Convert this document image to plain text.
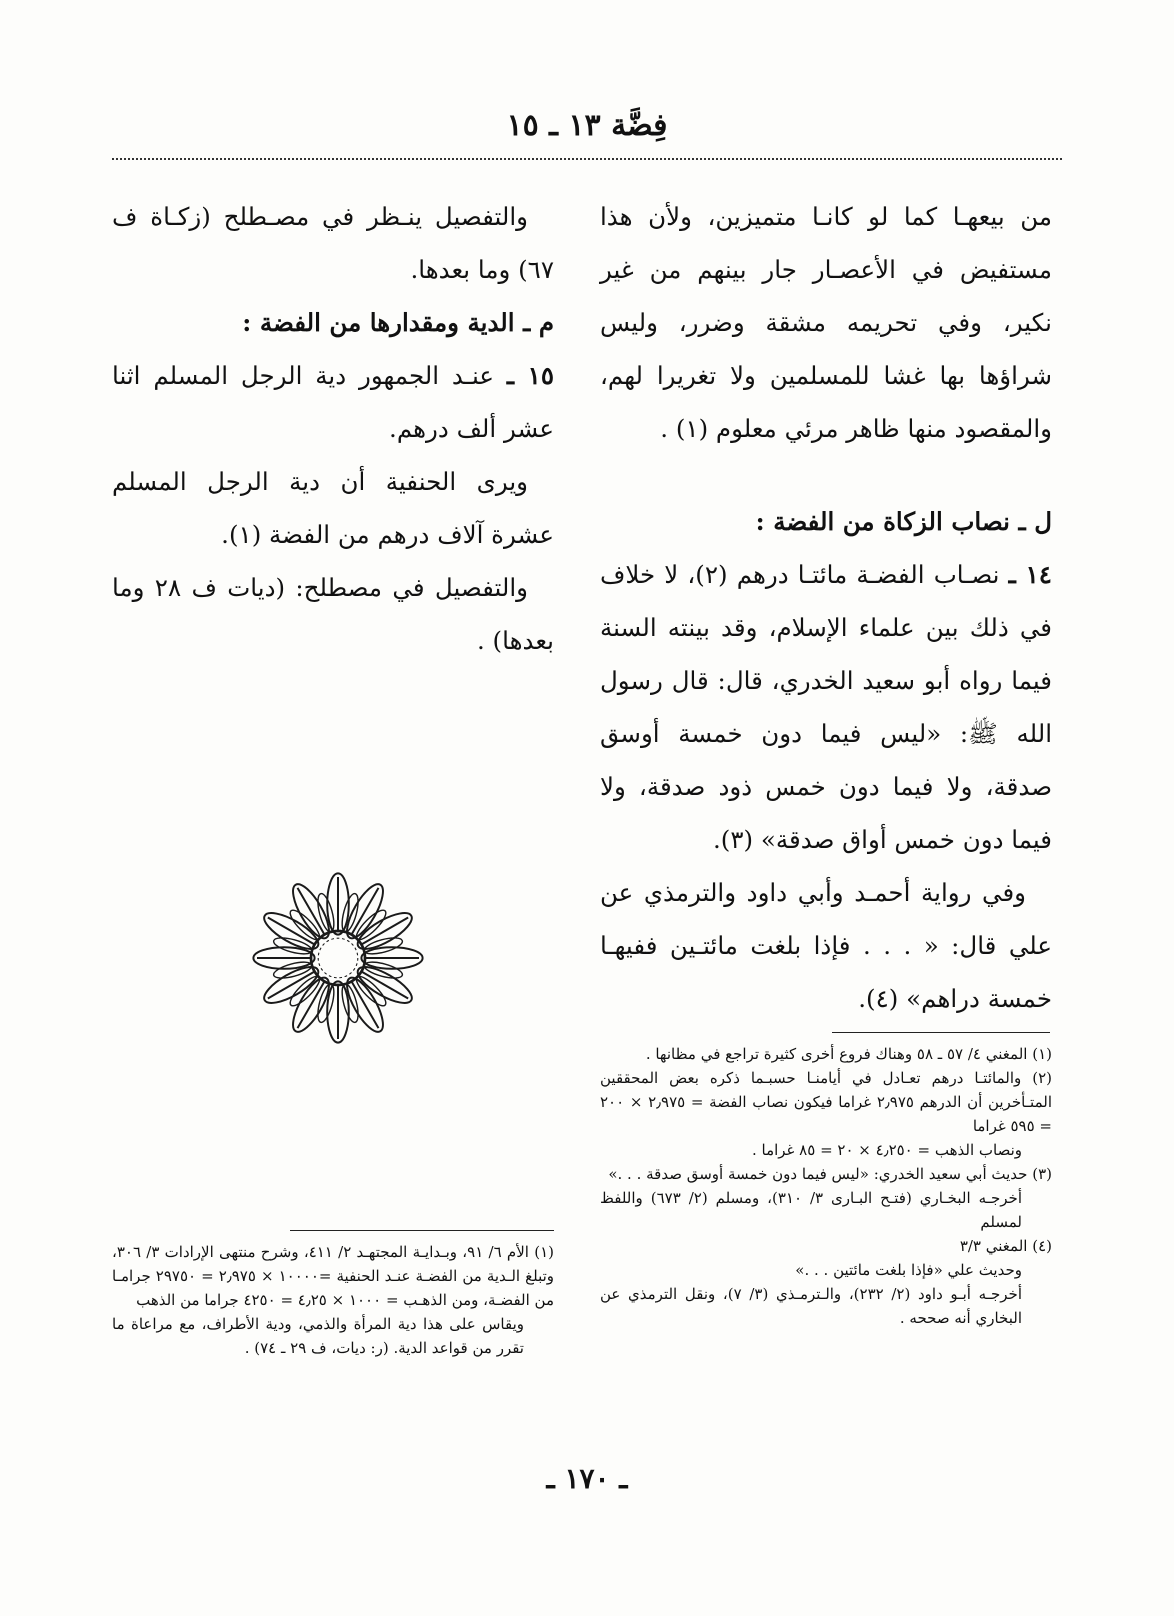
فِضَّة ١٣ ـ ١٥

من بيعهـا كما لو كانـا متميزين، ولأن هذا مستفيض في الأعصـار جار بينهم من غير نكير، وفي تحريمه مشقة وضرر، وليس شراؤها بها غشا للمسلمين ولا تغريرا لهم، والمقصود منها ظاهر مرئي معلوم (١) .

ل ـ نصاب الزكاة من الفضة :

١٤ ـ نصـاب الفضـة مائتـا درهم (٢)، لا خلاف في ذلك بين علماء الإسلام، وقد بينته السنة فيما رواه أبو سعيد الخدري، قال: قال رسول الله ﷺ: «ليس فيما دون خمسة أوسق صدقة، ولا فيما دون خمس ذود صدقة، ولا فيما دون خمس أواق صدقة» (٣).

وفي رواية أحمـد وأبي داود والترمذي عن علي قال: « . . . فإذا بلغت مائتـين ففيهـا خمسة دراهم» (٤).

والتفصيل ينـظر في مصـطلح (زكـاة ف ٦٧) وما بعدها.

م ـ الدية ومقدارها من الفضة :

١٥ ـ عنـد الجمهور دية الرجل المسلم اثنا عشر ألف درهم.

ويرى الحنفية أن دية الرجل المسلم عشرة آلاف درهم من الفضة (١).

والتفصيل في مصطلح: (ديات ف ٢٨ وما بعدها) .

(١) المغني ٤/ ٥٧ ـ ٥٨ وهناك فروع أخرى كثيرة تراجع في مظانها .

(٢) والمائتـا درهم تعـادل في أيامنـا حسبـما ذكره بعض المحققين المتـأخرين أن الدرهم ٢٫٩٧٥ غراما فيكون نصاب الفضة = ٢٫٩٧٥ × ٢٠٠ = ٥٩٥ غراما

ونصاب الذهب = ٤٫٢٥٠ × ٢٠ = ٨٥ غراما .

(٣) حديث أبي سعيد الخدري: «ليس فيما دون خمسة أوسق صدقة . . .»

أخرجـه البخـاري (فتـح البـارى ٣/ ٣١٠)، ومسلم (٢/ ٦٧٣) واللفظ لمسلم

(٤) المغني ٣/٣

وحديث علي «فإذا بلغت مائتين . . .»

أخرجـه أبـو داود (٢/ ٢٣٢)، والـترمـذي (٣/ ٧)، ونقل الترمذي عن البخاري أنه صححه .

(١) الأم ٦/ ٩١، وبـدايـة المجتهـد ٢/ ٤١١، وشرح منتهى الإرادات ٣/ ٣٠٦، وتبلغ الـدية من الفضـة عنـد الحنفية =١٠٠٠٠ × ٢٫٩٧٥ = ٢٩٧٥٠ جرامـا من الفضـة، ومن الذهـب = ١٠٠٠ × ٤٫٢٥ = ٤٢٥٠ جراما من الذهب

ويقاس على هذا دية المرأة والذمي، ودية الأطراف، مع مراعاة ما تقرر من قواعد الدية. (ر: ديات، ف ٢٩ ـ ٧٤) .

ـ ١٧٠ ـ
